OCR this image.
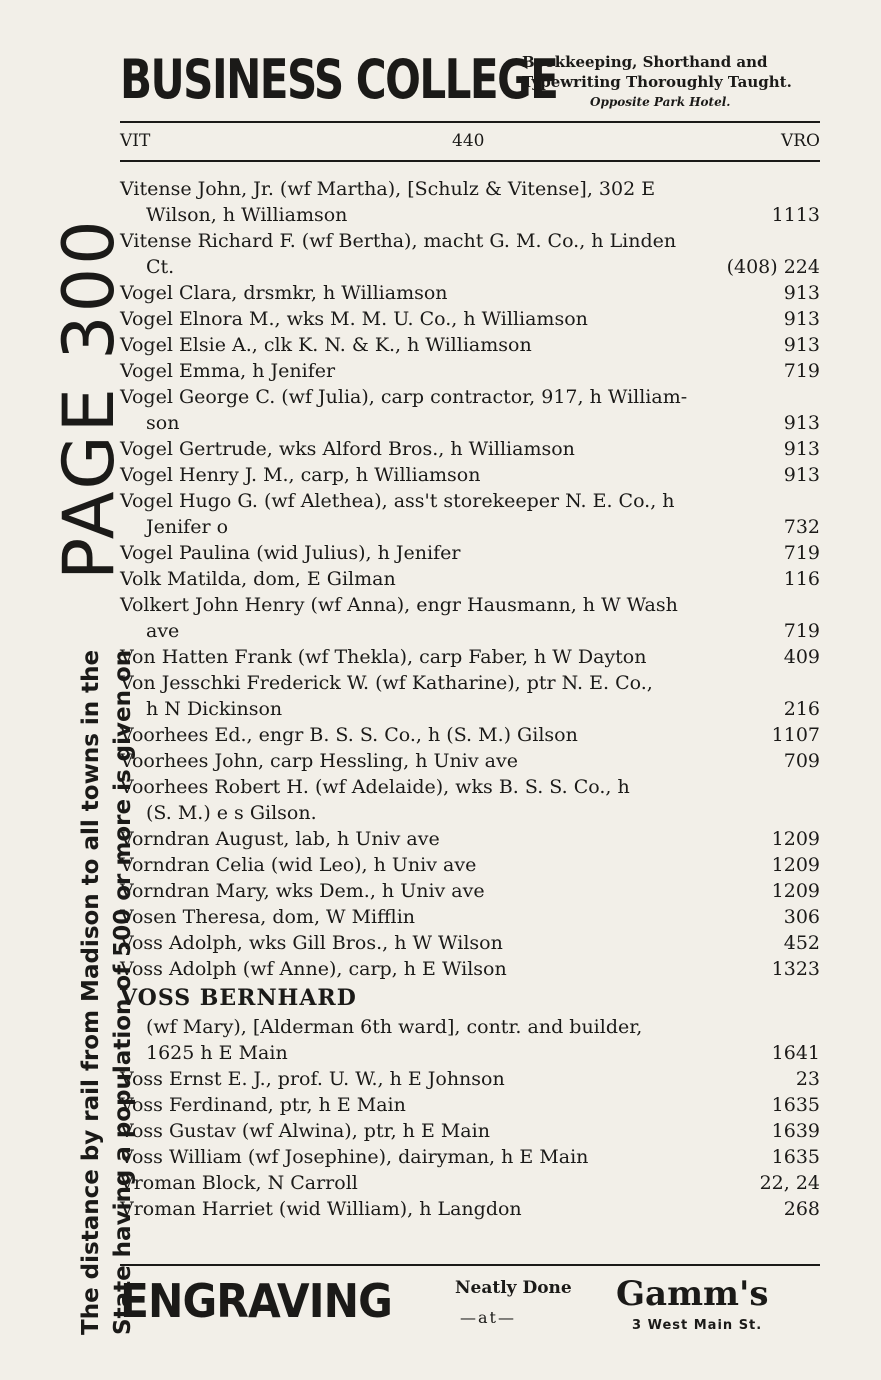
PAGE 300
The distance by rail from Madison to all towns in the State having a population of 500 or more is given on
BUSINESS COLLEGE
Bookkeeping, Shorthand and
Typewriting Thoroughly Taught.
Opposite Park Hotel.
VIT	440	VRO
Vitense John, Jr. (wf Martha), [Schulz & Vitense], 302 E
Wilson, h Williamson	1113
Vitense Richard F. (wf Bertha), macht G. M. Co., h Linden
Ct.	(408) 224
Vogel Clara, drsmkr, h Williamson	913
Vogel Elnora M., wks M. M. U. Co., h Williamson	913
Vogel Elsie A., clk K. N. & K., h Williamson	913
Vogel Emma, h Jenifer	719
Vogel George C. (wf Julia), carp contractor, 917, h William-
son	913
Vogel Gertrude, wks Alford Bros., h Williamson	913
Vogel Henry J. M., carp, h Williamson	913
Vogel Hugo G. (wf Alethea), ass't storekeeper N. E. Co., h
Jenifer o	732
Vogel Paulina (wid Julius), h Jenifer	719
Volk Matilda, dom, E Gilman	116
Volkert John Henry (wf Anna), engr Hausmann, h W Wash
ave	719
Von Hatten Frank (wf Thekla), carp Faber, h W Dayton	409
Von Jesschki Frederick W. (wf Katharine), ptr N. E. Co.,
h N Dickinson	216
Voorhees Ed., engr B. S. S. Co., h (S. M.) Gilson	1107
Voorhees John, carp Hessling, h Univ ave	709
Voorhees Robert H. (wf Adelaide), wks B. S. S. Co., h
(S. M.) e s Gilson.
Vorndran August, lab, h Univ ave	1209
Vorndran Celia (wid Leo), h Univ ave	1209
Vorndran Mary, wks Dem., h Univ ave	1209
Vosen Theresa, dom, W Mifflin	306
Voss Adolph, wks Gill Bros., h W Wilson	452
Voss Adolph (wf Anne), carp, h E Wilson	1323
VOSS BERNHARD
(wf Mary), [Alderman 6th ward], contr. and builder,
1625 h E Main	1641
Voss Ernst E. J., prof. U. W., h E Johnson	23
Voss Ferdinand, ptr, h E Main	1635
Voss Gustav (wf Alwina), ptr, h E Main	1639
Voss William (wf Josephine), dairyman, h E Main	1635
Vroman Block, N Carroll	22, 24
Vroman Harriet (wid William), h Langdon	268
ENGRAVING	Neatly Done
—at—
Gamm's
3 West Main St.
